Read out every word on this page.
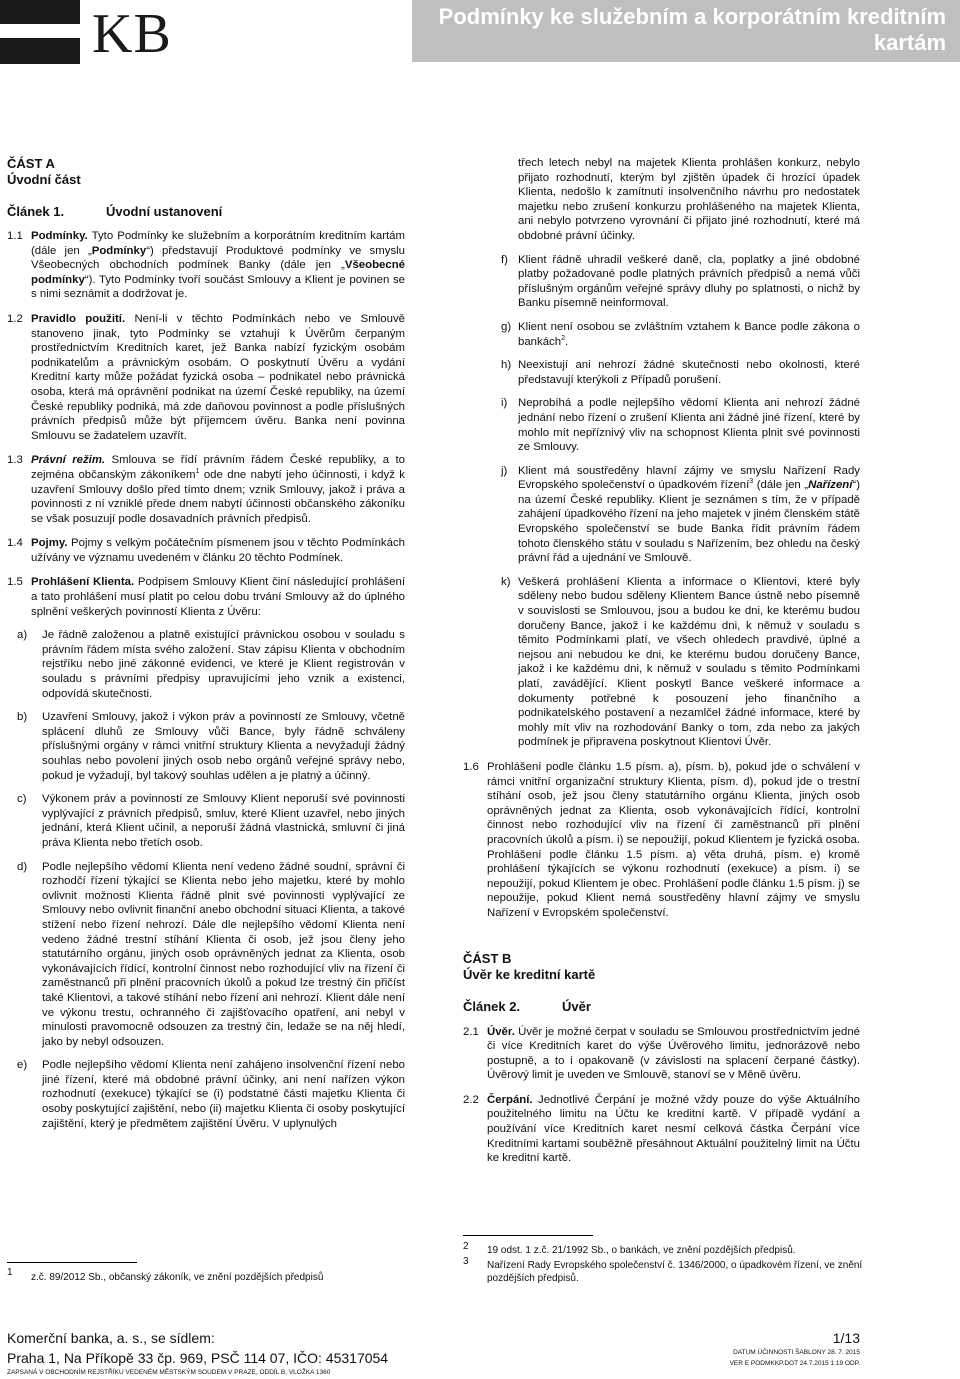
KB	Podmínky ke služebním a korporátním kreditním kartám
ČÁST A
Úvodní část
Článek 1.	Úvodní ustanovení
1.1 Podmínky. Tyto Podmínky ke služebním a korporátním kreditním kartám (dále jen „Podmínky“) představují Produktové podmínky ve smyslu Všeobecných obchodních podmínek Banky (dále jen „Všeobecné podmínky“). Tyto Podmínky tvoří součást Smlouvy a Klient je povinen se s nimi seznámit a dodržovat je.
1.2 Pravidlo použití. Není-li v těchto Podmínkách nebo ve Smlouvě stanoveno jinak, tyto Podmínky se vztahují k Úvěrům čerpaným prostřednictvím Kreditních karet, jež Banka nabízí fyzickým osobám podnikatelům a právnickým osobám. O poskytnutí Úvěru a vydání Kreditní karty může požádat fyzická osoba – podnikatel nebo právnická osoba, která má oprávnění podnikat na území České republiky, na území České republiky podniká, má zde daňovou povinnost a podle příslušných právních předpisů může být příjemcem úvěru. Banka není povinna Smlouvu se žadatelem uzavřít.
1.3 Právní režim. Smlouva se řídí právním řádem České republiky, a to zejména občanským zákoníkem$^1$ ode dne nabytí jeho účinnosti, i když k uzavření Smlouvy došlo před tímto dnem; vznik Smlouvy, jakož i práva a povinnosti z ní vzniklé přede dnem nabytí účinnosti občanského zákoníku se však posuzují podle dosavadních právních předpisů.
1.4 Pojmy. Pojmy s velkým počátečním písmenem jsou v těchto Podmínkách užívány ve významu uvedeném v článku 20 těchto Podmínek.
1.5 Prohlášení Klienta. Podpisem Smlouvy Klient činí následující prohlášení a tato prohlášení musí platit po celou dobu trvání Smlouvy až do úplného splnění veškerých povinností Klienta z Úvěru:
a)	Je řádně založenou a platně existující právnickou osobou v souladu s právním řádem místa svého založení. Stav zápisu Klienta v obchodním rejstříku nebo jiné zákonné evidenci, ve které je Klient registrován v souladu s právními předpisy upravujícími jeho vznik a existenci, odpovídá skutečnosti.
b)	Uzavření Smlouvy, jakož i výkon práv a povinností ze Smlouvy, včetně splácení dluhů ze Smlouvy vůči Bance, byly řádně schváleny příslušnými orgány v rámci vnitřní struktury Klienta a nevyžadují žádný souhlas nebo povolení jiných osob nebo orgánů veřejné správy nebo, pokud je vyžadují, byl takový souhlas udělen a je platný a účinný.
c)	Výkonem práv a povinností ze Smlouvy Klient neporuší své povinnosti vyplývající z právních předpisů, smluv, které Klient uzavřel, nebo jiných jednání, která Klient učinil, a neporuší žádná vlastnická, smluvní či jiná práva Klienta nebo třetích osob.
d)	Podle nejlepšího vědomí Klienta není vedeno žádné soudní, správní či rozhodčí řízení týkající se Klienta nebo jeho majetku, které by mohlo ovlivnit možnosti Klienta řádně plnit své povinnosti vyplývající ze Smlouvy nebo ovlivnit finanční anebo obchodní situaci Klienta, a takové stížení nebo řízení nehrozí. Dále dle nejlepšího vědomí Klienta není vedeno žádné trestní stíhání Klienta či osob, jež jsou členy jeho statutárního orgánu, jiných osob oprávněných jednat za Klienta, osob vykonávajících řídící, kontrolní činnost nebo rozhodující vliv na řízení či zaměstnanců při plnění pracovních úkolů a pokud lze trestný čin přičíst také Klientovi, a takové stíhání nebo řízení ani nehrozí. Klient dále není ve výkonu trestu, ochranného či zajišťovacího opatření, ani nebyl v minulosti pravomocně odsouzen za trestný čin, ledaže se na něj hledí, jako by nebyl odsouzen.
e)	Podle nejlepšího vědomí Klienta není zahájeno insolvenční řízení nebo jiné řízení, které má obdobné právní účinky, ani není nařízen výkon rozhodnutí (exekuce) týkající se (i) podstatné části majetku Klienta či osoby poskytující zajištění, nebo (ii) majetku Klienta či osoby poskytující zajištění, který je předmětem zajištění Úvěru. V uplynulých
1 z.č. 89/2012 Sb., občanský zákoník, ve znění pozdějších předpisů
třech letech nebyl na majetek Klienta prohlášen konkurz, nebylo přijato rozhodnutí, kterým byl zjištěn úpadek či hrozící úpadek Klienta, nedošlo k zamítnutí insolvenčního návrhu pro nedostatek majetku nebo zrušení konkurzu prohlášeného na majetek Klienta, ani nebylo potvrzeno vyrovnání či přijato jiné rozhodnutí, které má obdobné právní účinky.
f) Klient řádně uhradil veškeré daně, cla, poplatky a jiné obdobné platby požadované podle platných právních předpisů a nemá vůči příslušným orgánům veřejné správy dluhy po splatnosti, o nichž by Banku písemně neinformoval.
g) Klient není osobou se zvláštním vztahem k Bance podle zákona o bankách$^2$.
h) Neexistují ani nehrozí žádné skutečnosti nebo okolnosti, které představují kterýkoli z Případů porušení.
i) Neprobíhá a podle nejlepšího vědomí Klienta ani nehrozí žádné jednání nebo řízení o zrušení Klienta ani žádné jiné řízení, které by mohlo mít nepříznivý vliv na schopnost Klienta plnit své povinnosti ze Smlouvy.
j) Klient má soustředěny hlavní zájmy ve smyslu Nařízení Rady Evropského společenství o úpadkovém řízení$^3$ (dále jen „Nařízení“) na území České republiky. Klient je seznámen s tím, že v případě zahájení úpadkového řízení na jeho majetek v jiném členském státě Evropského společenství se bude Banka řídit právním řádem tohoto členského státu v souladu s Nařízením, bez ohledu na český právní řád a ujednání ve Smlouvě.
k) Veškerá prohlášení Klienta a informace o Klientovi, které byly sděleny nebo budou sděleny Klientem Bance ústně nebo písemně v souvislosti se Smlouvou, jsou a budou ke dni, ke kterému budou doručeny Bance, jakož i ke každému dni, k němuž v souladu s těmito Podmínkami platí, ve všech ohledech pravdivé, úplné a nejsou ani nebudou ke dni, ke kterému budou doručeny Bance, jakož i ke každému dni, k němuž v souladu s těmito Podmínkami platí, zavádějící. Klient poskytl Bance veškeré informace a dokumenty potřebné k posouzení jeho finančního a podnikatelského postavení a nezamlčel žádné informace, které by mohly mít vliv na rozhodování Banky o tom, zda nebo za jakých podmínek je připravena poskytnout Klientovi Úvěr.
1.6 Prohlášení podle článku 1.5 písm. a), písm. b), pokud jde o schválení v rámci vnitřní organizační struktury Klienta, písm. d), pokud jde o trestní stíhání osob, jež jsou členy statutárního orgánu Klienta, jiných osob oprávněných jednat za Klienta, osob vykonávajících řídící, kontrolní činnost nebo rozhodující vliv na řízení či zaměstnanců při plnění pracovních úkolů a písm. i) se nepoužijí, pokud Klientem je fyzická osoba. Prohlášení podle článku 1.5 písm. a) věta druhá, písm. e) kromě prohlášení týkajících se výkonu rozhodnutí (exekuce) a písm. i) se nepoužijí, pokud Klientem je obec. Prohlášení podle článku 1.5 písm. j) se nepoužije, pokud Klient nemá soustředěny hlavní zájmy ve smyslu Nařízení v Evropském společenství.
ČÁST B
Úvěr ke kreditní kartě
Článek 2.	Úvěr
2.1 Úvěr. Úvěr je možné čerpat v souladu se Smlouvou prostřednictvím jedné či více Kreditních karet do výše Úvěrového limitu, jednorázově nebo postupně, a to i opakovaně (v závislosti na splacení čerpané částky). Úvěrový limit je uveden ve Smlouvě, stanoví se v Měně úvěru.
2.2 Čerpání. Jednotlivé Čerpání je možné vždy pouze do výše Aktuálního použitelného limitu na Účtu ke kreditní kartě. V případě vydání a používání více Kreditních karet nesmí celková částka Čerpání více Kreditními kartami souběžně přesáhnout Aktuální použitelný limit na Účtu ke kreditní kartě.
2 19 odst. 1 z.č. 21/1992 Sb., o bankách, ve znění pozdějších předpisů.
3 Nařízení Rady Evropského společenství č. 1346/2000, o úpadkovém řízení, ve znění pozdějších předpisů.
Komerční banka, a. s., se sídlem:
Praha 1, Na Příkopě 33 čp. 969, PSČ 114 07, IČO: 45317054
ZAPSANÁ V OBCHODNÍM REJSTŘÍKU VEDENÉM MĚSTSKÝM SOUDEM V PRAZE, ODDÍL B, VLOŽKA 1360
1/13
DATUM ÚČINNOSTI ŠABLONY 28. 7. 2015
VER E PODMKKP.DOT 24.7.2015 1:19 ODP.
